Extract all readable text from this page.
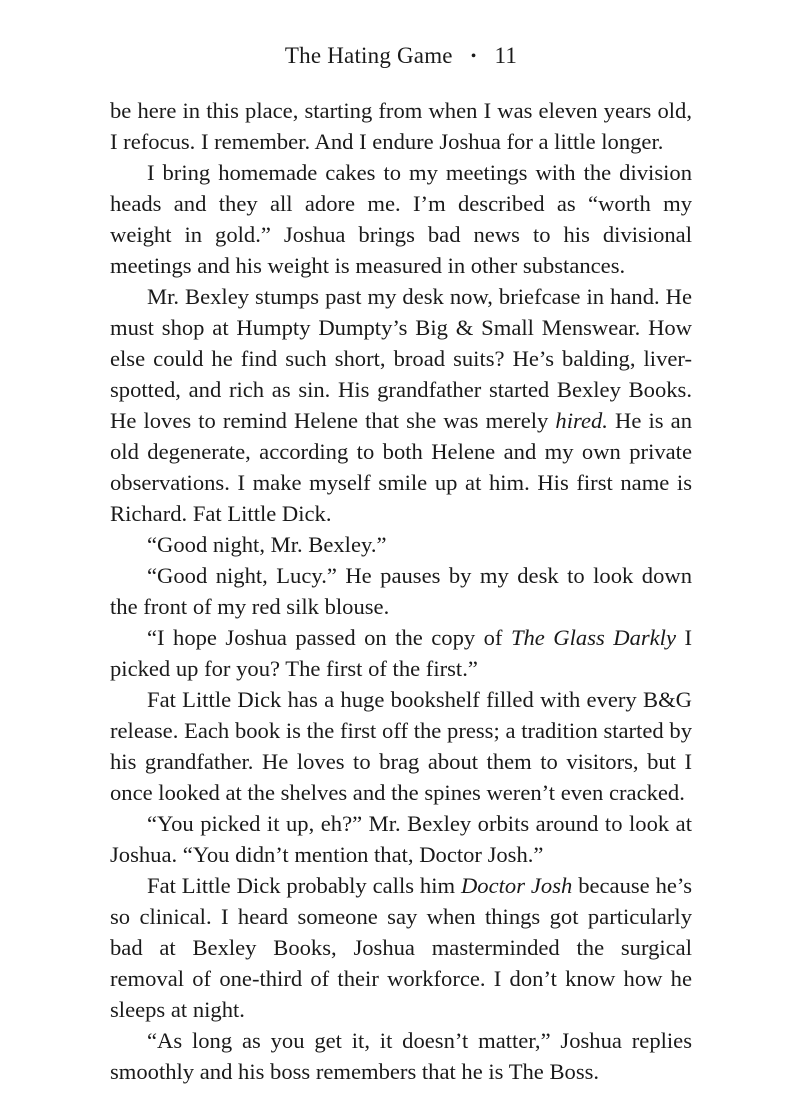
The Hating Game • 11

be here in this place, starting from when I was eleven years old, I refocus. I remember. And I endure Joshua for a little longer.

I bring homemade cakes to my meetings with the division heads and they all adore me. I’m described as “worth my weight in gold.” Joshua brings bad news to his divisional meetings and his weight is measured in other substances.

Mr. Bexley stumps past my desk now, briefcase in hand. He must shop at Humpty Dumpty’s Big & Small Menswear. How else could he find such short, broad suits? He’s balding, liver-spotted, and rich as sin. His grandfather started Bexley Books. He loves to remind Helene that she was merely hired. He is an old degenerate, according to both Helene and my own private observations. I make myself smile up at him. His first name is Richard. Fat Little Dick.

“Good night, Mr. Bexley.”

“Good night, Lucy.” He pauses by my desk to look down the front of my red silk blouse.

“I hope Joshua passed on the copy of The Glass Darkly I picked up for you? The first of the first.”

Fat Little Dick has a huge bookshelf filled with every B&G release. Each book is the first off the press; a tradition started by his grandfather. He loves to brag about them to visitors, but I once looked at the shelves and the spines weren’t even cracked.

“You picked it up, eh?” Mr. Bexley orbits around to look at Joshua. “You didn’t mention that, Doctor Josh.”

Fat Little Dick probably calls him Doctor Josh because he’s so clinical. I heard someone say when things got particularly bad at Bexley Books, Joshua masterminded the surgical removal of one-third of their workforce. I don’t know how he sleeps at night.

“As long as you get it, it doesn’t matter,” Joshua replies smoothly and his boss remembers that he is The Boss.
